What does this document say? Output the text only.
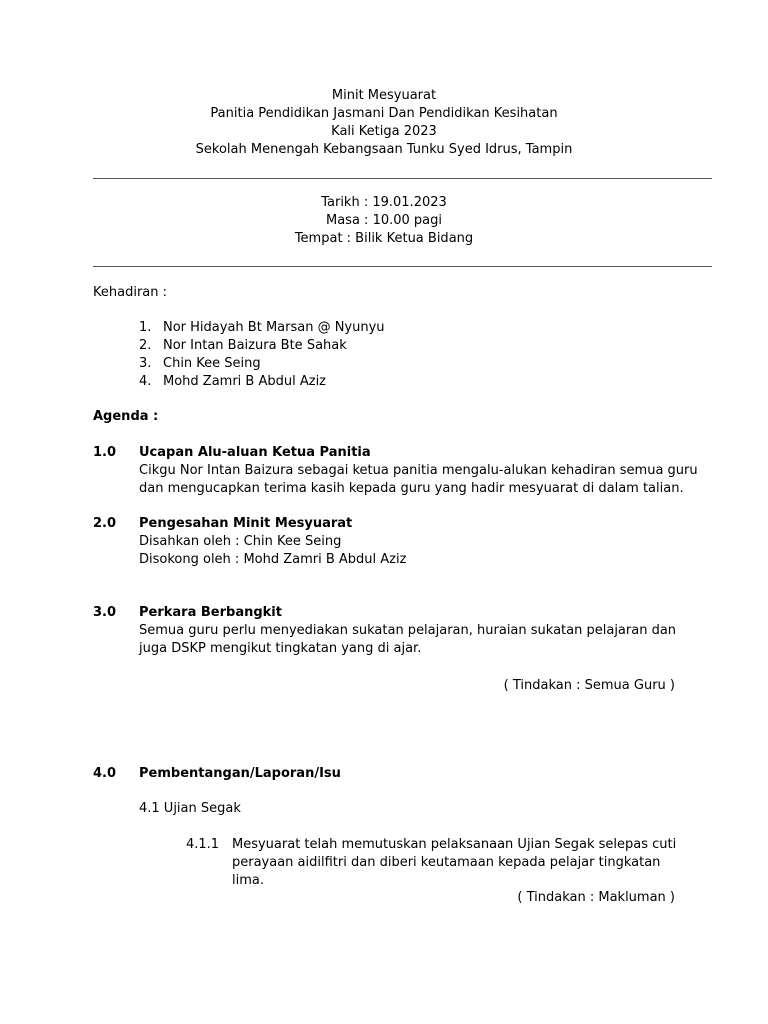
Minit Mesyuarat
Panitia Pendidikan Jasmani Dan Pendidikan Kesihatan
Kali Ketiga 2023
Sekolah Menengah Kebangsaan Tunku Syed Idrus, Tampin
Tarikh : 19.01.2023
Masa : 10.00 pagi
Tempat : Bilik Ketua Bidang
Kehadiran :
1. Nor Hidayah Bt Marsan @ Nyunyu
2. Nor Intan Baizura Bte Sahak
3. Chin Kee Seing
4. Mohd Zamri B Abdul Aziz
Agenda :
1.0 Ucapan Alu-aluan Ketua Panitia
Cikgu Nor Intan Baizura sebagai ketua panitia mengalu-alukan kehadiran semua guru
dan mengucapkan terima kasih kepada guru yang hadir mesyuarat di dalam talian.
2.0 Pengesahan Minit Mesyuarat
Disahkan oleh : Chin Kee Seing
Disokong oleh : Mohd Zamri B Abdul Aziz
3.0 Perkara Berbangkit
Semua guru perlu menyediakan sukatan pelajaran, huraian sukatan pelajaran dan
juga DSKP mengikut tingkatan yang di ajar.
( Tindakan : Semua Guru )
4.0 Pembentangan/Laporan/Isu
4.1 Ujian Segak
4.1.1 Mesyuarat telah memutuskan pelaksanaan Ujian Segak selepas cuti
perayaan aidilfitri dan diberi keutamaan kepada pelajar tingkatan
lima.
( Tindakan : Makluman )
